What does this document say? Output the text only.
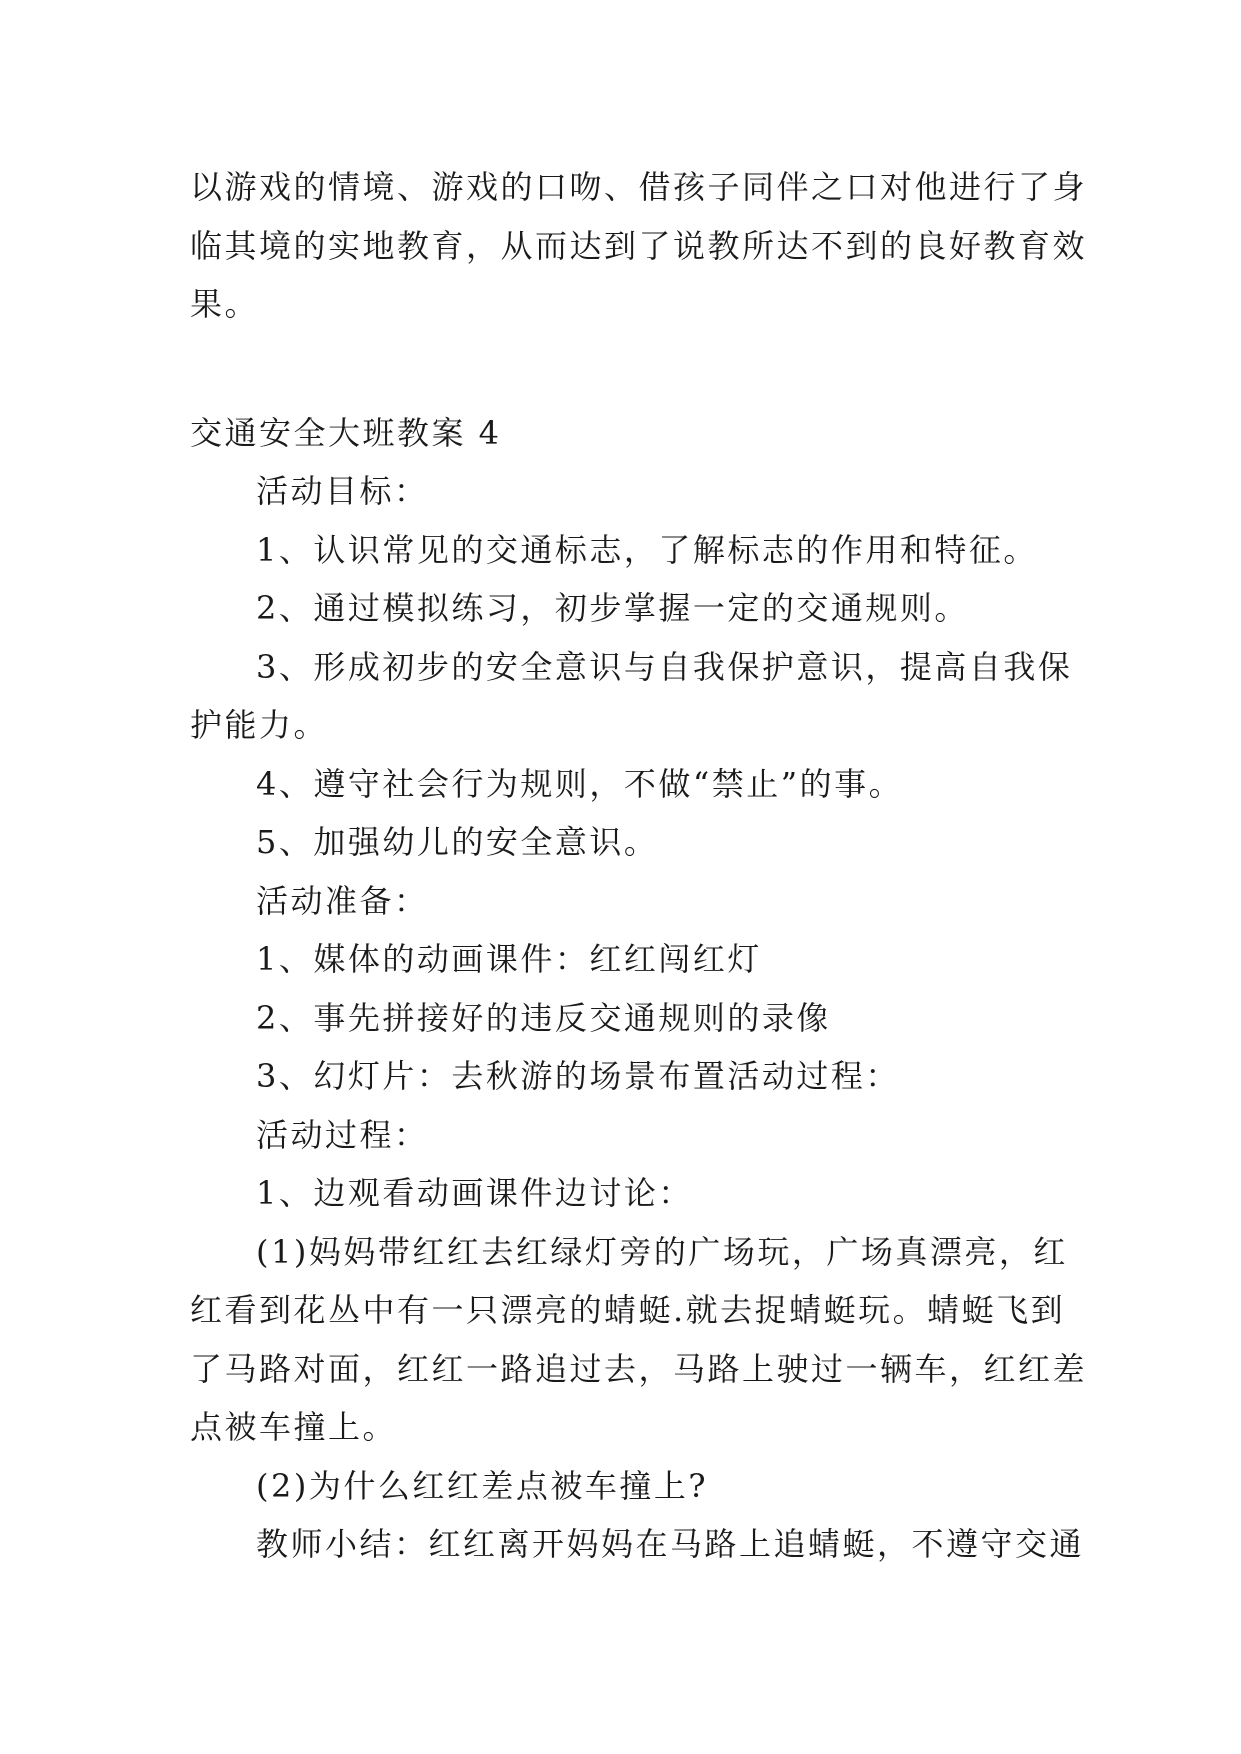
以游戏的情境、游戏的口吻、借孩子同伴之口对他进行了身

临其境的实地教育，从而达到了说教所达不到的良好教育效

果。

交通安全大班教案 4

活动目标：

1、认识常见的交通标志，了解标志的作用和特征。

2、通过模拟练习，初步掌握一定的交通规则。

3、形成初步的安全意识与自我保护意识，提高自我保

护能力。

4、遵守社会行为规则，不做“禁止”的事。

5、加强幼儿的安全意识。

活动准备：

1、媒体的动画课件：红红闯红灯

2、事先拼接好的违反交通规则的录像

3、幻灯片：去秋游的场景布置活动过程：

活动过程：

1、边观看动画课件边讨论：

(1)妈妈带红红去红绿灯旁的广场玩，广场真漂亮，红

红看到花丛中有一只漂亮的蜻蜓.就去捉蜻蜓玩。蜻蜓飞到

了马路对面，红红一路追过去，马路上驶过一辆车，红红差

点被车撞上。

(2)为什么红红差点被车撞上?

教师小结：红红离开妈妈在马路上追蜻蜓，不遵守交通
